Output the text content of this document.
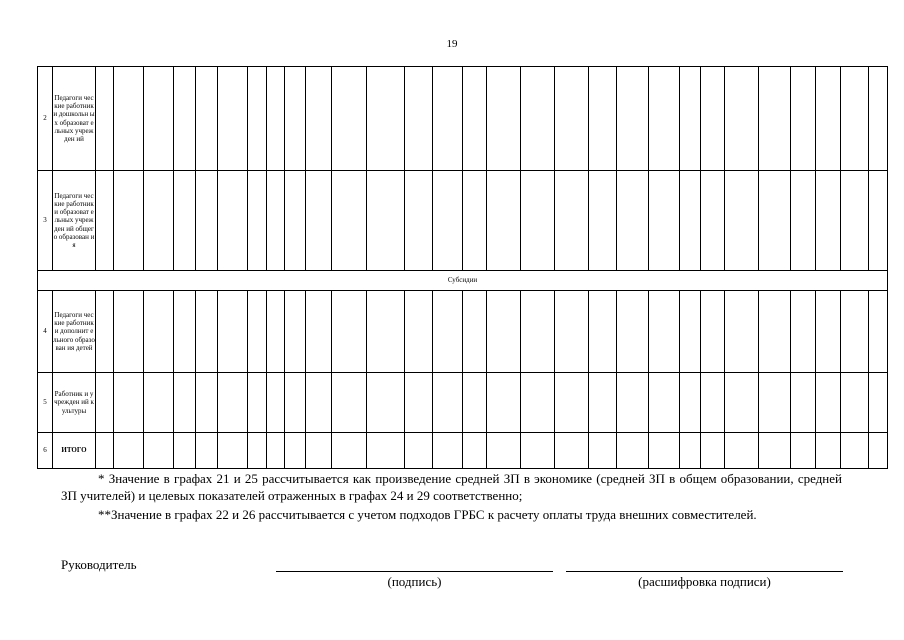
19
2	Педагоги ческие работник и дошкольн ых образоват ельных учрежден ий																													
3	Педагоги ческие работник и образоват ельных учрежден ий общего образован ия																													
Субсидии																														
4	Педагоги ческие работник и дополнит ельного образован ия детей																													
5	Работник и учрежден ий культуры																													
6	ИТОГО																													
* Значение в графах 21 и 25 рассчитывается как произведение средней ЗП в экономике (средней ЗП в общем образовании, средней ЗП учителей) и целевых показателей отраженных в графах 24 и 29 соответственно;
**Значение в графах 22 и 26 рассчитывается с учетом подходов ГРБС к расчету оплаты труда внешних совместителей.
Руководитель
(подпись)	(расшифровка подписи)
